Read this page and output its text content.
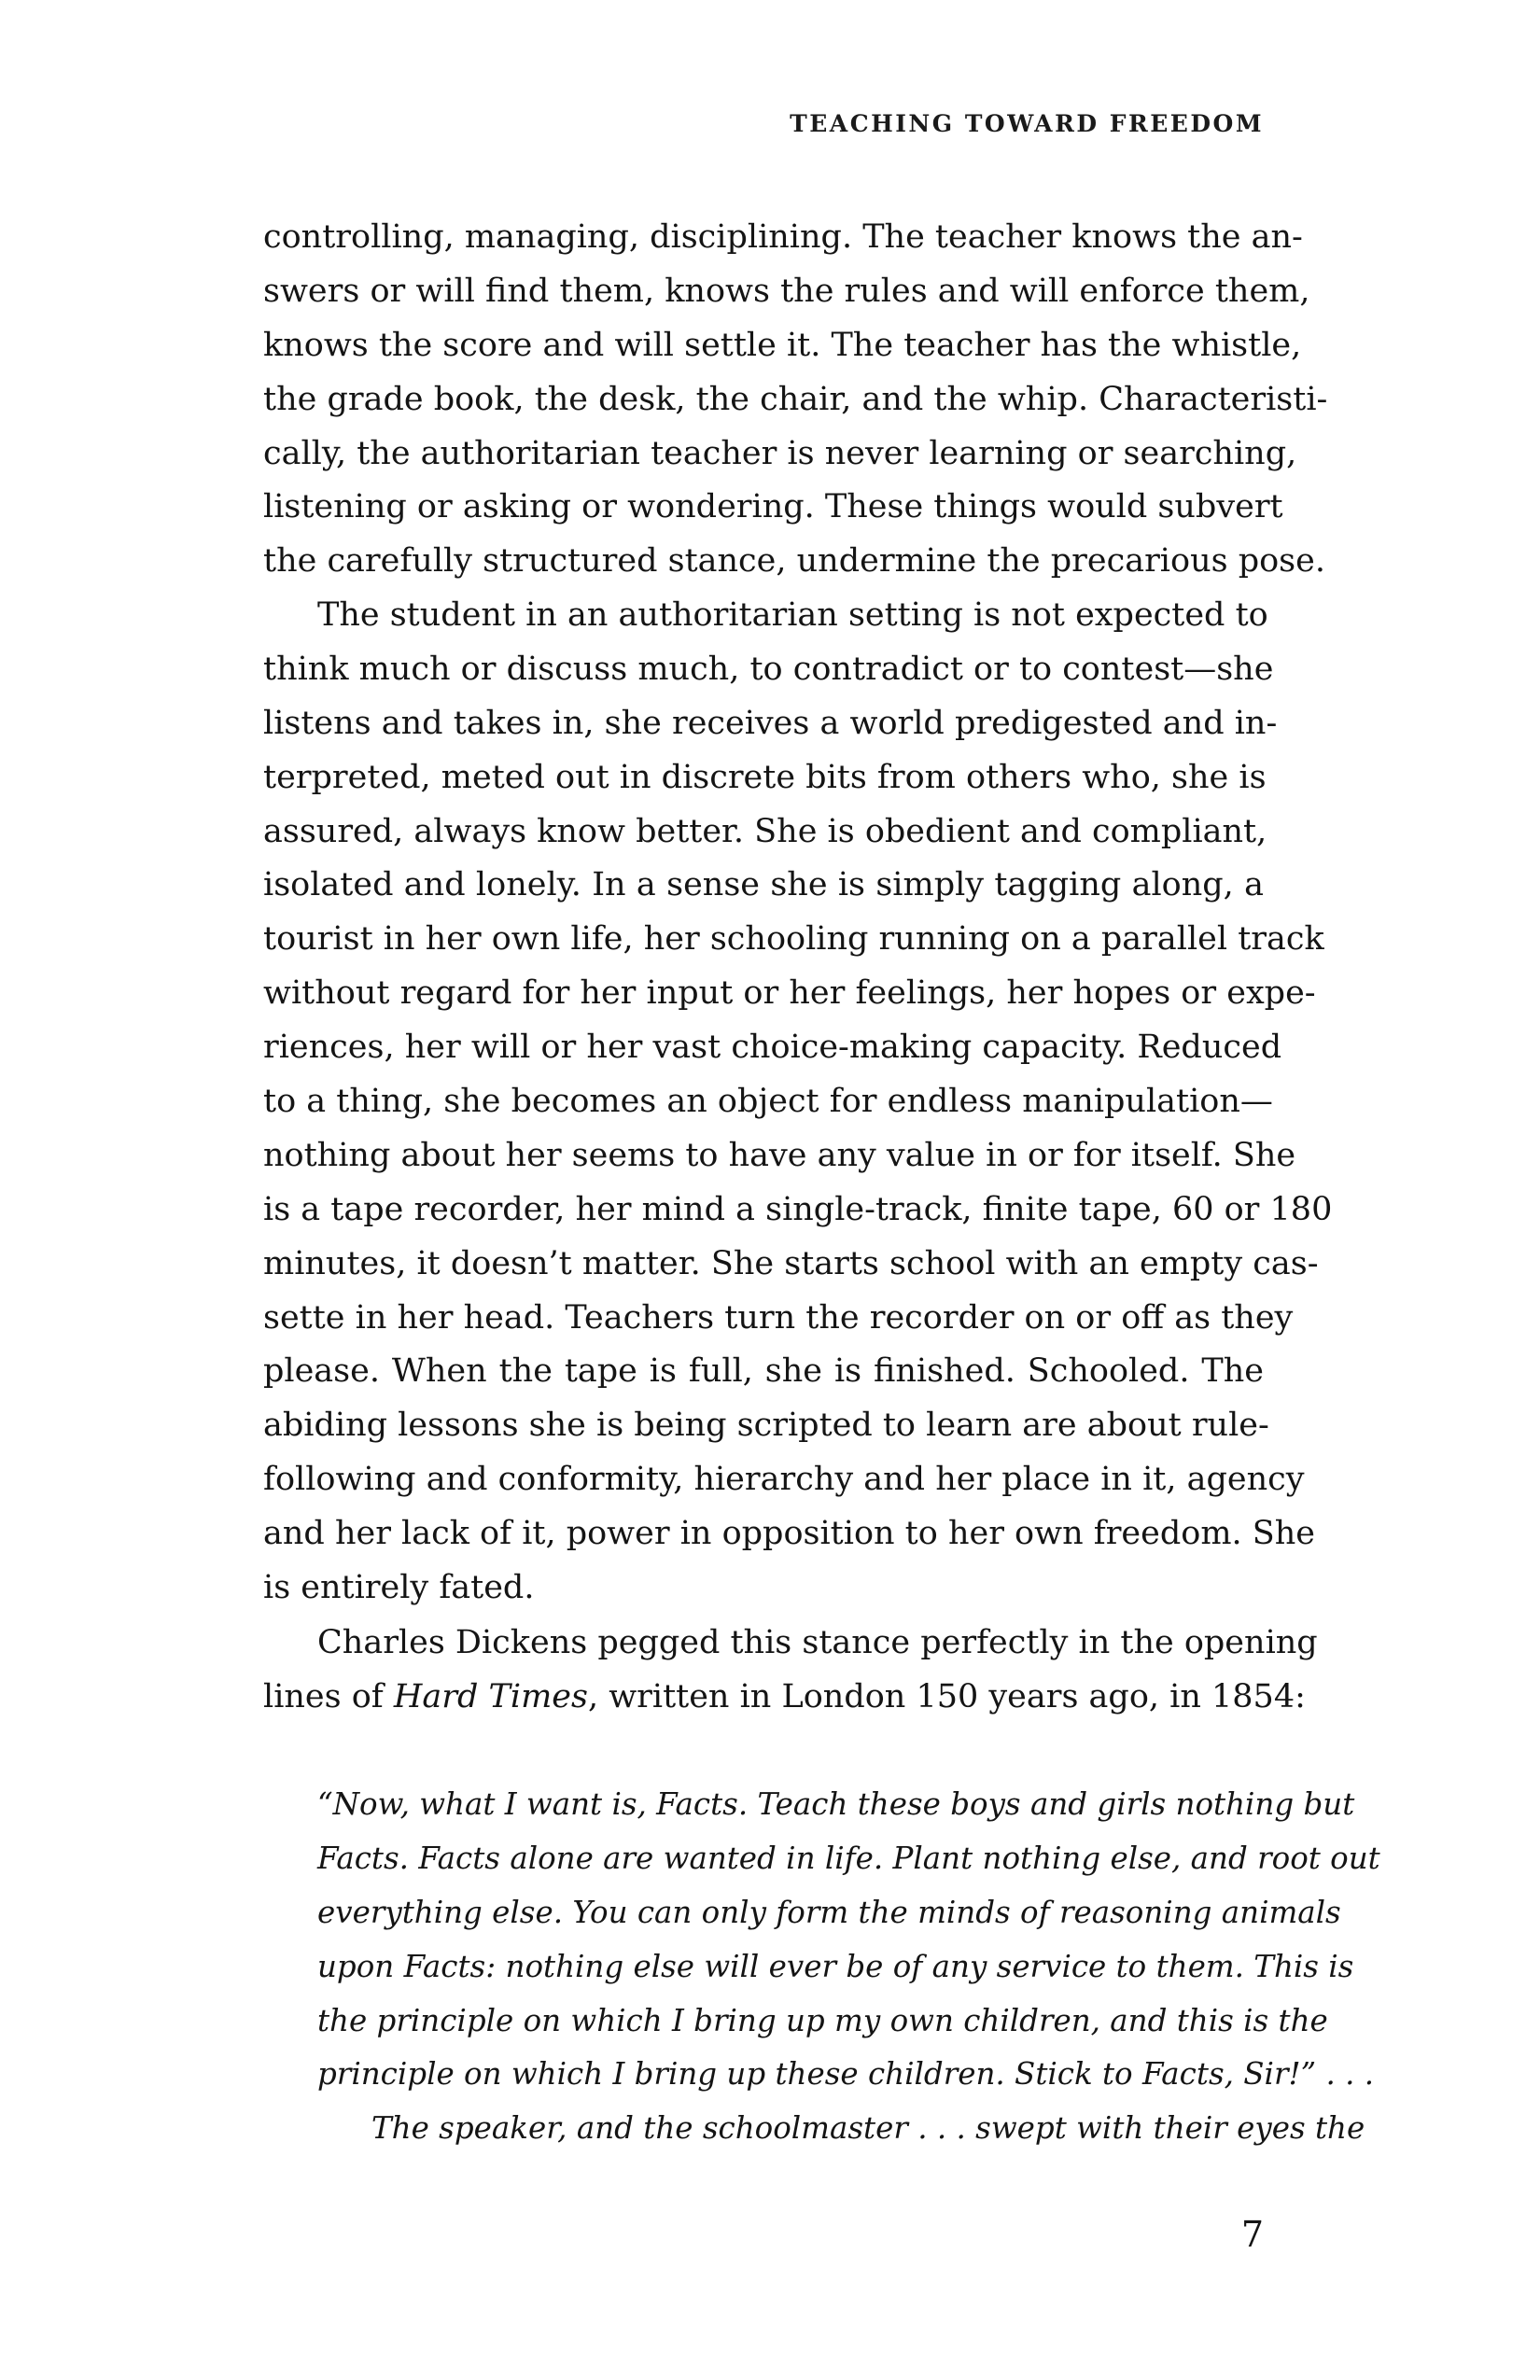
TEACHING TOWARD FREEDOM
controlling, managing, disciplining. The teacher knows the an-
swers or will find them, knows the rules and will enforce them,
knows the score and will settle it. The teacher has the whistle,
the grade book, the desk, the chair, and the whip. Characteristi-
cally, the authoritarian teacher is never learning or searching,
listening or asking or wondering. These things would subvert
the carefully structured stance, undermine the precarious pose.
The student in an authoritarian setting is not expected to
think much or discuss much, to contradict or to contest—she
listens and takes in, she receives a world predigested and in-
terpreted, meted out in discrete bits from others who, she is
assured, always know better. She is obedient and compliant,
isolated and lonely. In a sense she is simply tagging along, a
tourist in her own life, her schooling running on a parallel track
without regard for her input or her feelings, her hopes or expe-
riences, her will or her vast choice-making capacity. Reduced
to a thing, she becomes an object for endless manipulation—
nothing about her seems to have any value in or for itself. She
is a tape recorder, her mind a single-track, finite tape, 60 or 180
minutes, it doesn’t matter. She starts school with an empty cas-
sette in her head. Teachers turn the recorder on or off as they
please. When the tape is full, she is finished. Schooled. The
abiding lessons she is being scripted to learn are about rule-
following and conformity, hierarchy and her place in it, agency
and her lack of it, power in opposition to her own freedom. She
is entirely fated.
Charles Dickens pegged this stance perfectly in the opening
lines of Hard Times, written in London 150 years ago, in 1854:
“Now, what I want is, Facts. Teach these boys and girls nothing but
Facts. Facts alone are wanted in life. Plant nothing else, and root out
everything else. You can only form the minds of reasoning animals
upon Facts: nothing else will ever be of any service to them. This is
the principle on which I bring up my own children, and this is the
principle on which I bring up these children. Stick to Facts, Sir!” . . .
The speaker, and the schoolmaster . . . swept with their eyes the
7
